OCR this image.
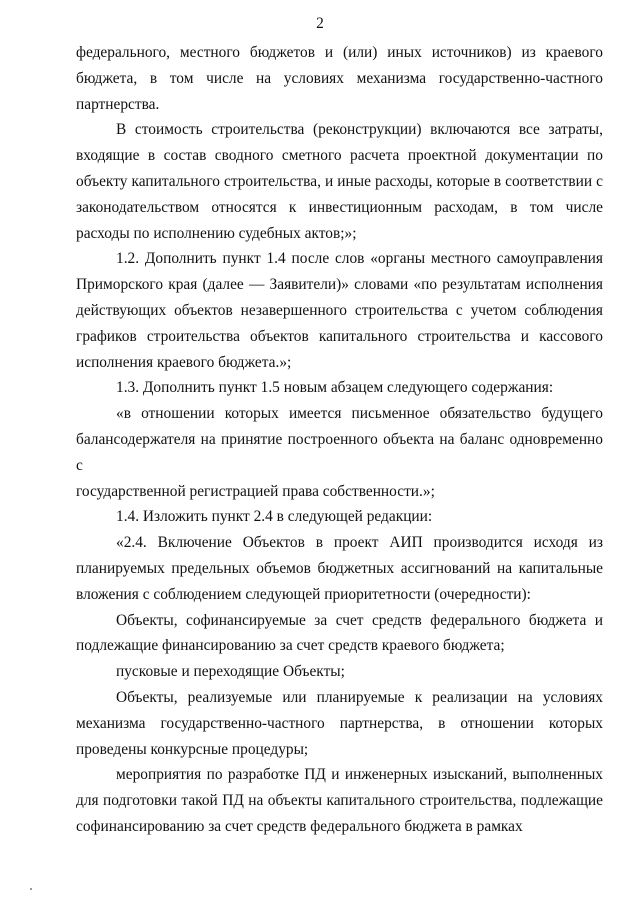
2
федерального, местного бюджетов и (или) иных источников) из краевого
бюджета, в том числе на условиях механизма государственно-частного
партнерства.
В стоимость строительства (реконструкции) включаются все затраты,
входящие в состав сводного сметного расчета проектной документации по
объекту капитального строительства, и иные расходы, которые в соответствии с
законодательством относятся к инвестиционным расходам, в том числе
расходы по исполнению судебных актов;»;
1.2. Дополнить пункт 1.4 после слов «органы местного самоуправления
Приморского края (далее — Заявители)» словами «по результатам исполнения
действующих объектов незавершенного строительства с учетом соблюдения
графиков строительства объектов капитального строительства и кассового
исполнения краевого бюджета.»;
1.3. Дополнить пункт 1.5 новым абзацем следующего содержания:
«в отношении которых имеется письменное обязательство будущего
балансодержателя на принятие построенного объекта на баланс одновременно с
государственной регистрацией права собственности.»;
1.4. Изложить пункт 2.4 в следующей редакции:
«2.4. Включение Объектов в проект АИП производится исходя из
планируемых предельных объемов бюджетных ассигнований на капитальные
вложения с соблюдением следующей приоритетности (очередности):
Объекты, софинансируемые за счет средств федерального бюджета и
подлежащие финансированию за счет средств краевого бюджета;
пусковые и переходящие Объекты;
Объекты, реализуемые или планируемые к реализации на условиях
механизма государственно-частного партнерства, в отношении которых
проведены конкурсные процедуры;
мероприятия по разработке ПД и инженерных изысканий, выполненных
для подготовки такой ПД на объекты капитального строительства, подлежащие
софинансированию за счет средств федерального бюджета в рамках
